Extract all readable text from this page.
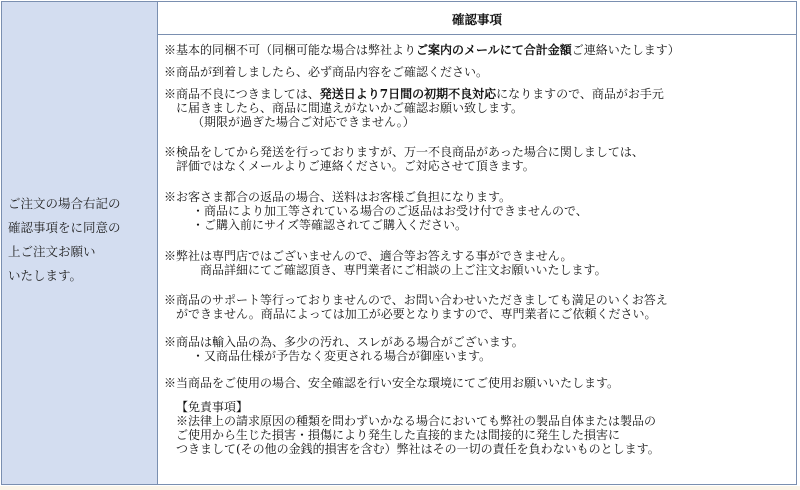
ご注文の場合右記の
確認事項をに同意の
上ご注文お願い
いたします。
確認事項
※基本的同梱不可（同梱可能な場合は弊社よりご案内のメールにて合計金額ご連絡いたします）
※商品が到着しましたら、必ず商品内容をご確認ください。
※商品不良につきましては、発送日より7日間の初期不良対応になりますので、商品がお手元
に届きましたら、商品に間違えがないかご確認お願い致します。
（期限が過ぎた場合ご対応できません。）
※検品をしてから発送を行っておりますが、万一不良商品があった場合に関しましては、
評価ではなくメールよりご連絡ください。ご対応させて頂きます。
※お客さま都合の返品の場合、送料はお客様ご負担になります。
・商品により加工等されている場合のご返品はお受け付できませんので、
・ご購入前にサイズ等確認されてご購入ください。
※弊社は専門店ではございませんので、適合等お答えする事ができません。
商品詳細にてご確認頂き、専門業者にご相談の上ご注文お願いいたします。
※商品のサポート等行っておりませんので、お問い合わせいただきましても満足のいくお答え
ができません。商品によっては加工が必要となりますので、専門業者にご依頼ください。
※商品は輸入品の為、多少の汚れ、スレがある場合がございます。
・又商品仕様が予告なく変更される場合が御座います。
※当商品をご使用の場合、安全確認を行い安全な環境にてご使用お願いいたします。
【免責事項】
※法律上の請求原因の種類を問わずいかなる場合においても弊社の製品自体または製品の
ご使用から生じた損害・損傷により発生した直接的または間接的に発生した損害に
つきまして(その他の金銭的損害を含む）弊社はその一切の責任を負わないものとします。
